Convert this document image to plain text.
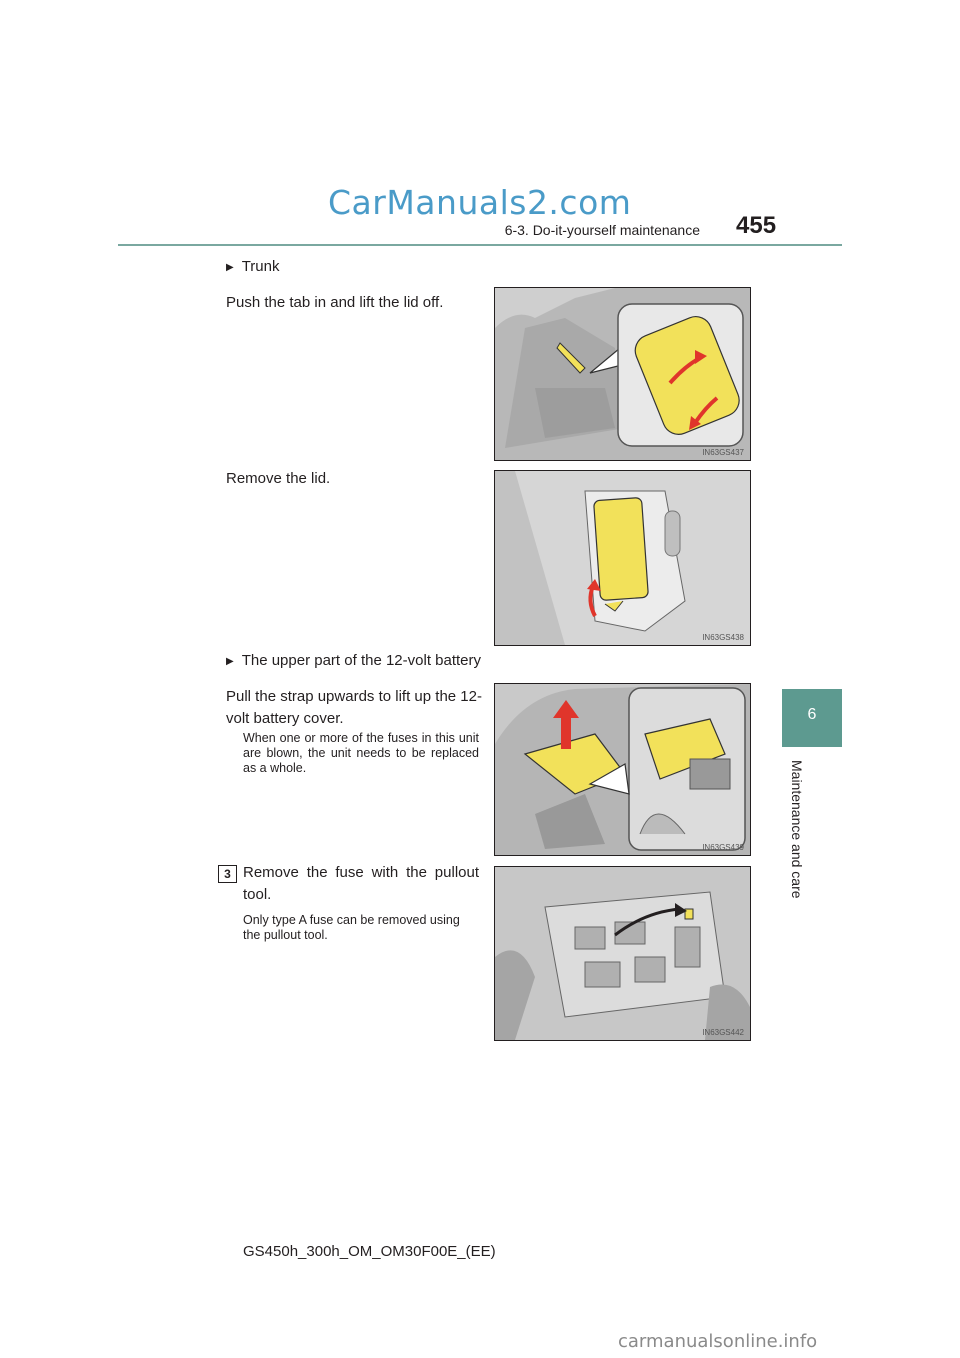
CarManuals2.com
6-3. Do-it-yourself maintenance 455
6
Maintenance and care
▶ Trunk
Push the tab in and lift the lid off.
IN63GS437
Remove the lid.
IN63GS438
▶ The upper part of the 12-volt battery
Pull the strap upwards to lift up the 12-
volt battery cover.
When one or more of the fuses in this unit are blown, the unit needs to be replaced as a whole.
IN63GS439
3 Remove the fuse with the pullout tool.
Only type A fuse can be removed using the pullout tool.
IN63GS442
GS450h_300h_OM_OM30F00E_(EE)
carmanualsonline.info
